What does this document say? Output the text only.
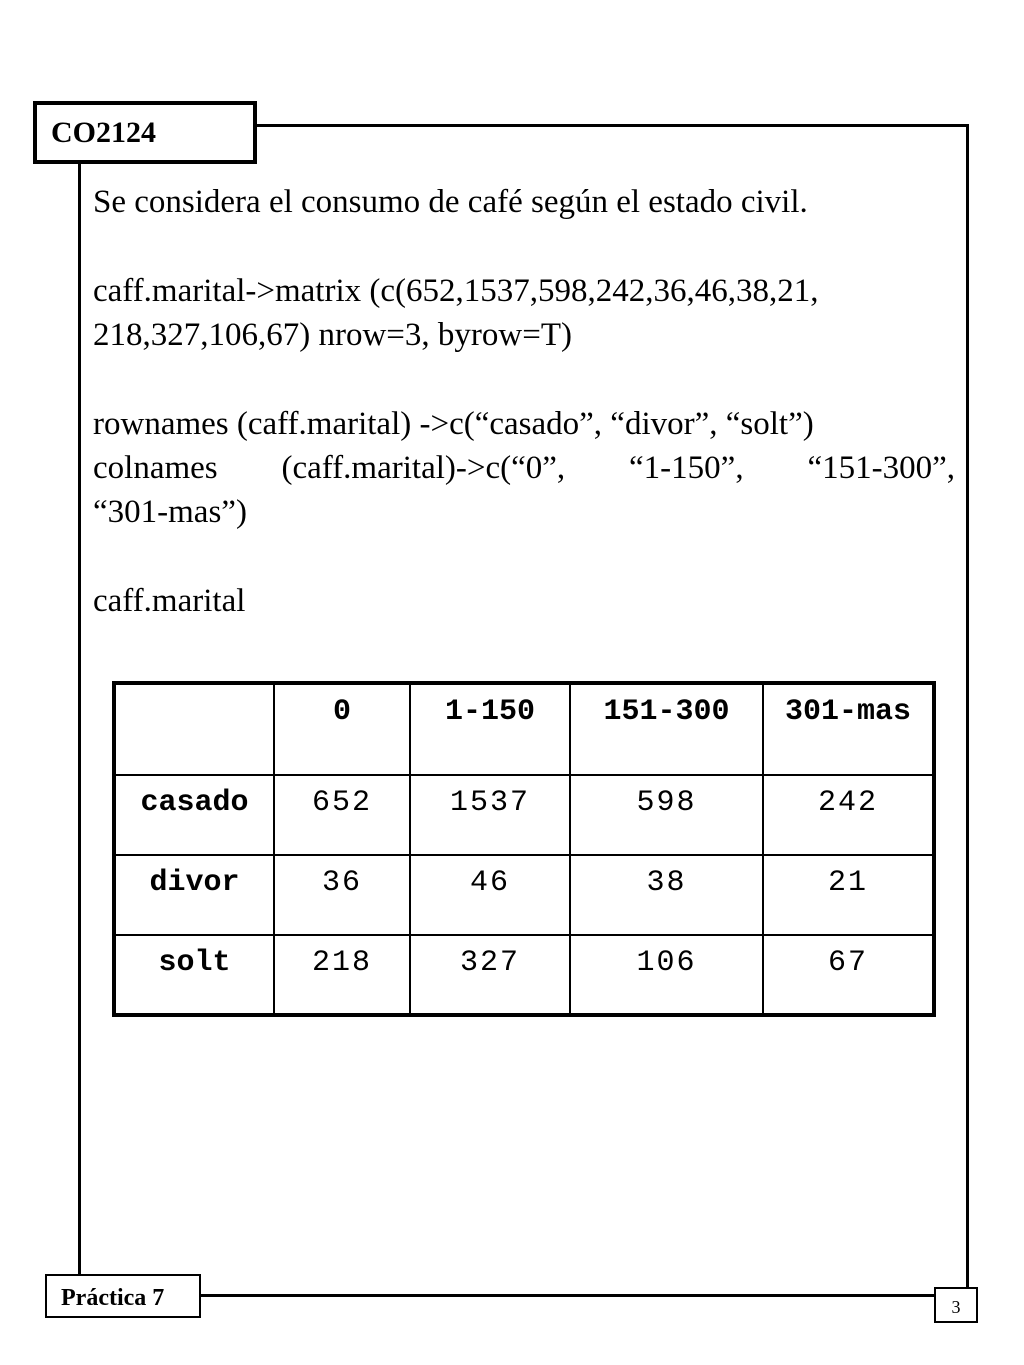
CO2124

Se considera el consumo de café según el estado civil.

caff.marital->matrix (c(652,1537,598,242,36,46,38,21,

218,327,106,67) nrow=3, byrow=T)

rownames (caff.marital) ->c(“casado”, “divor”, “solt”)

colnames (caff.marital)->c(“0”, “1-150”, “151-300”,

“301-mas”)

caff.marital

	0	1-150	151-300	301-mas
casado	652	1537	598	242
divor	36	46	38	21
solt	218	327	106	67
Práctica 7	3
